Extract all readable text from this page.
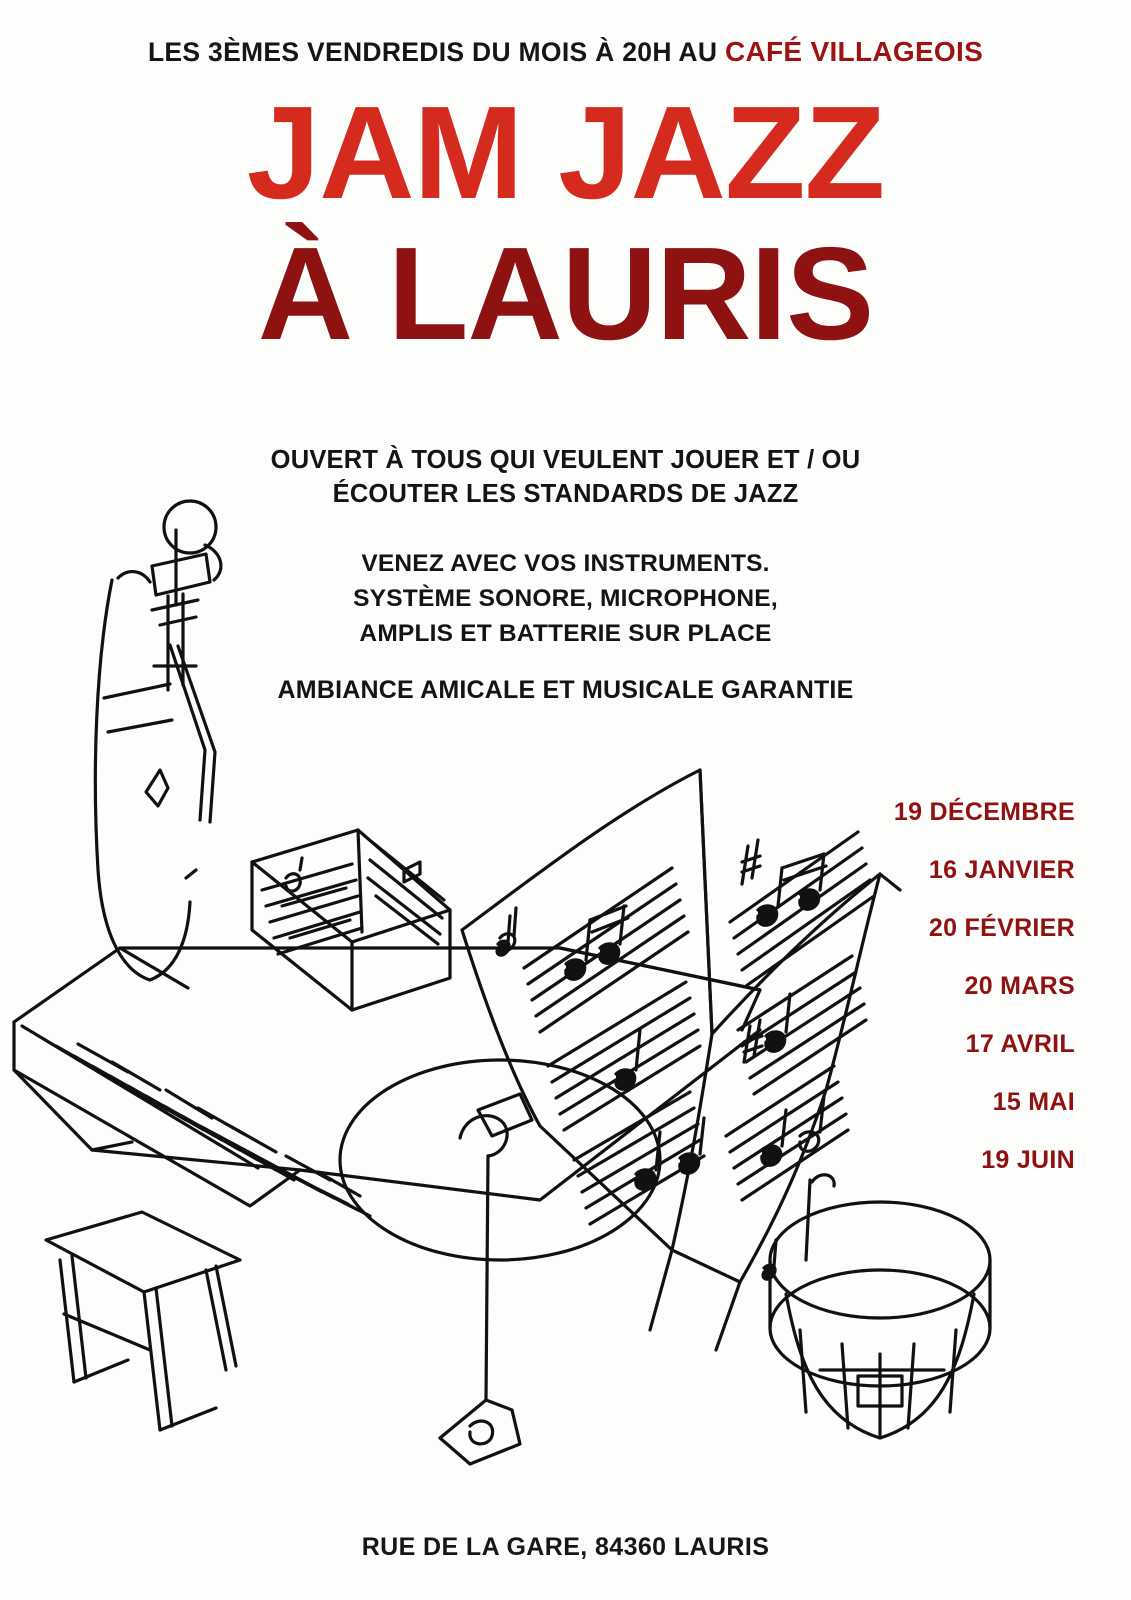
LES 3ÈMES VENDREDIS DU MOIS À 20H AU CAFÉ VILLAGEOIS
JAM JAZZ
À LAURIS
OUVERT À TOUS QUI VEULENT JOUER ET / OU
ÉCOUTER LES STANDARDS DE JAZZ
VENEZ AVEC VOS INSTRUMENTS.
SYSTÈME SONORE, MICROPHONE,
AMPLIS ET BATTERIE SUR PLACE
AMBIANCE AMICALE ET MUSICALE GARANTIE
19 DÉCEMBRE
16 JANVIER
20 FÉVRIER
20 MARS
17 AVRIL
15 MAI
19 JUIN
RUE DE LA GARE, 84360 LAURIS
